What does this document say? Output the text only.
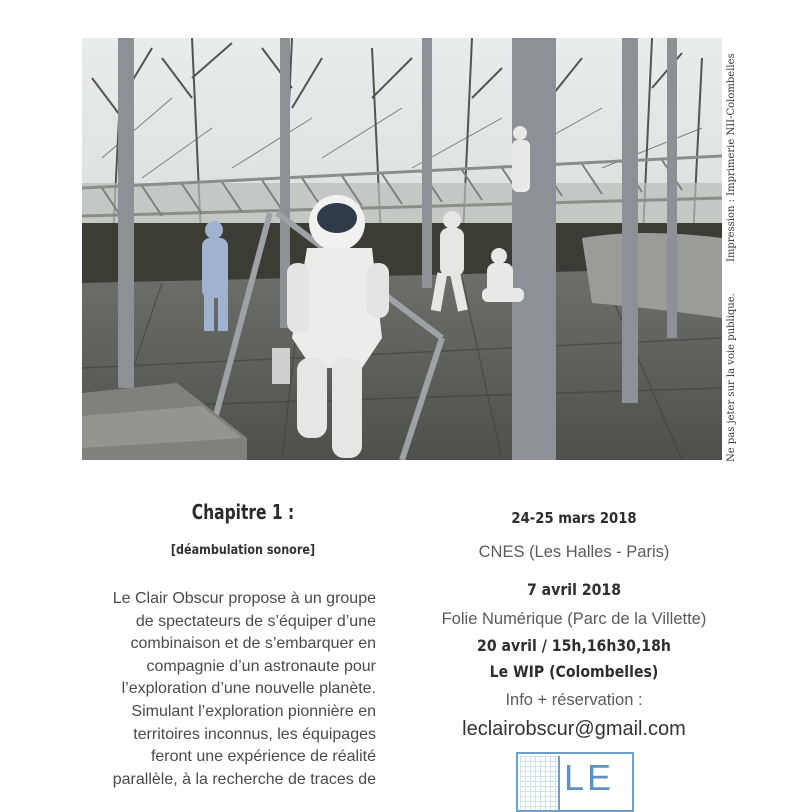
Impression : Imprimerie NII-Colombelles
Ne pas jeter sur la voie publique.
Chapitre 1 :
[déambulation sonore]
Le Clair Obscur propose à un groupe
de spectateurs de s’équiper d’une
combinaison et de s’embarquer en
compagnie d’un astronaute pour
l’exploration d’une nouvelle planète.
Simulant l’exploration pionnière en
territoires inconnus, les équipages
feront une expérience de réalité
parallèle, à la recherche de traces de
24-25 mars 2018
CNES (Les Halles - Paris)
7 avril 2018
Folie Numérique (Parc de la Villette)
20 avril / 15h,16h30,18h
Le WIP (Colombelles)
Info + réservation :
leclairobscur@gmail.com
LE
